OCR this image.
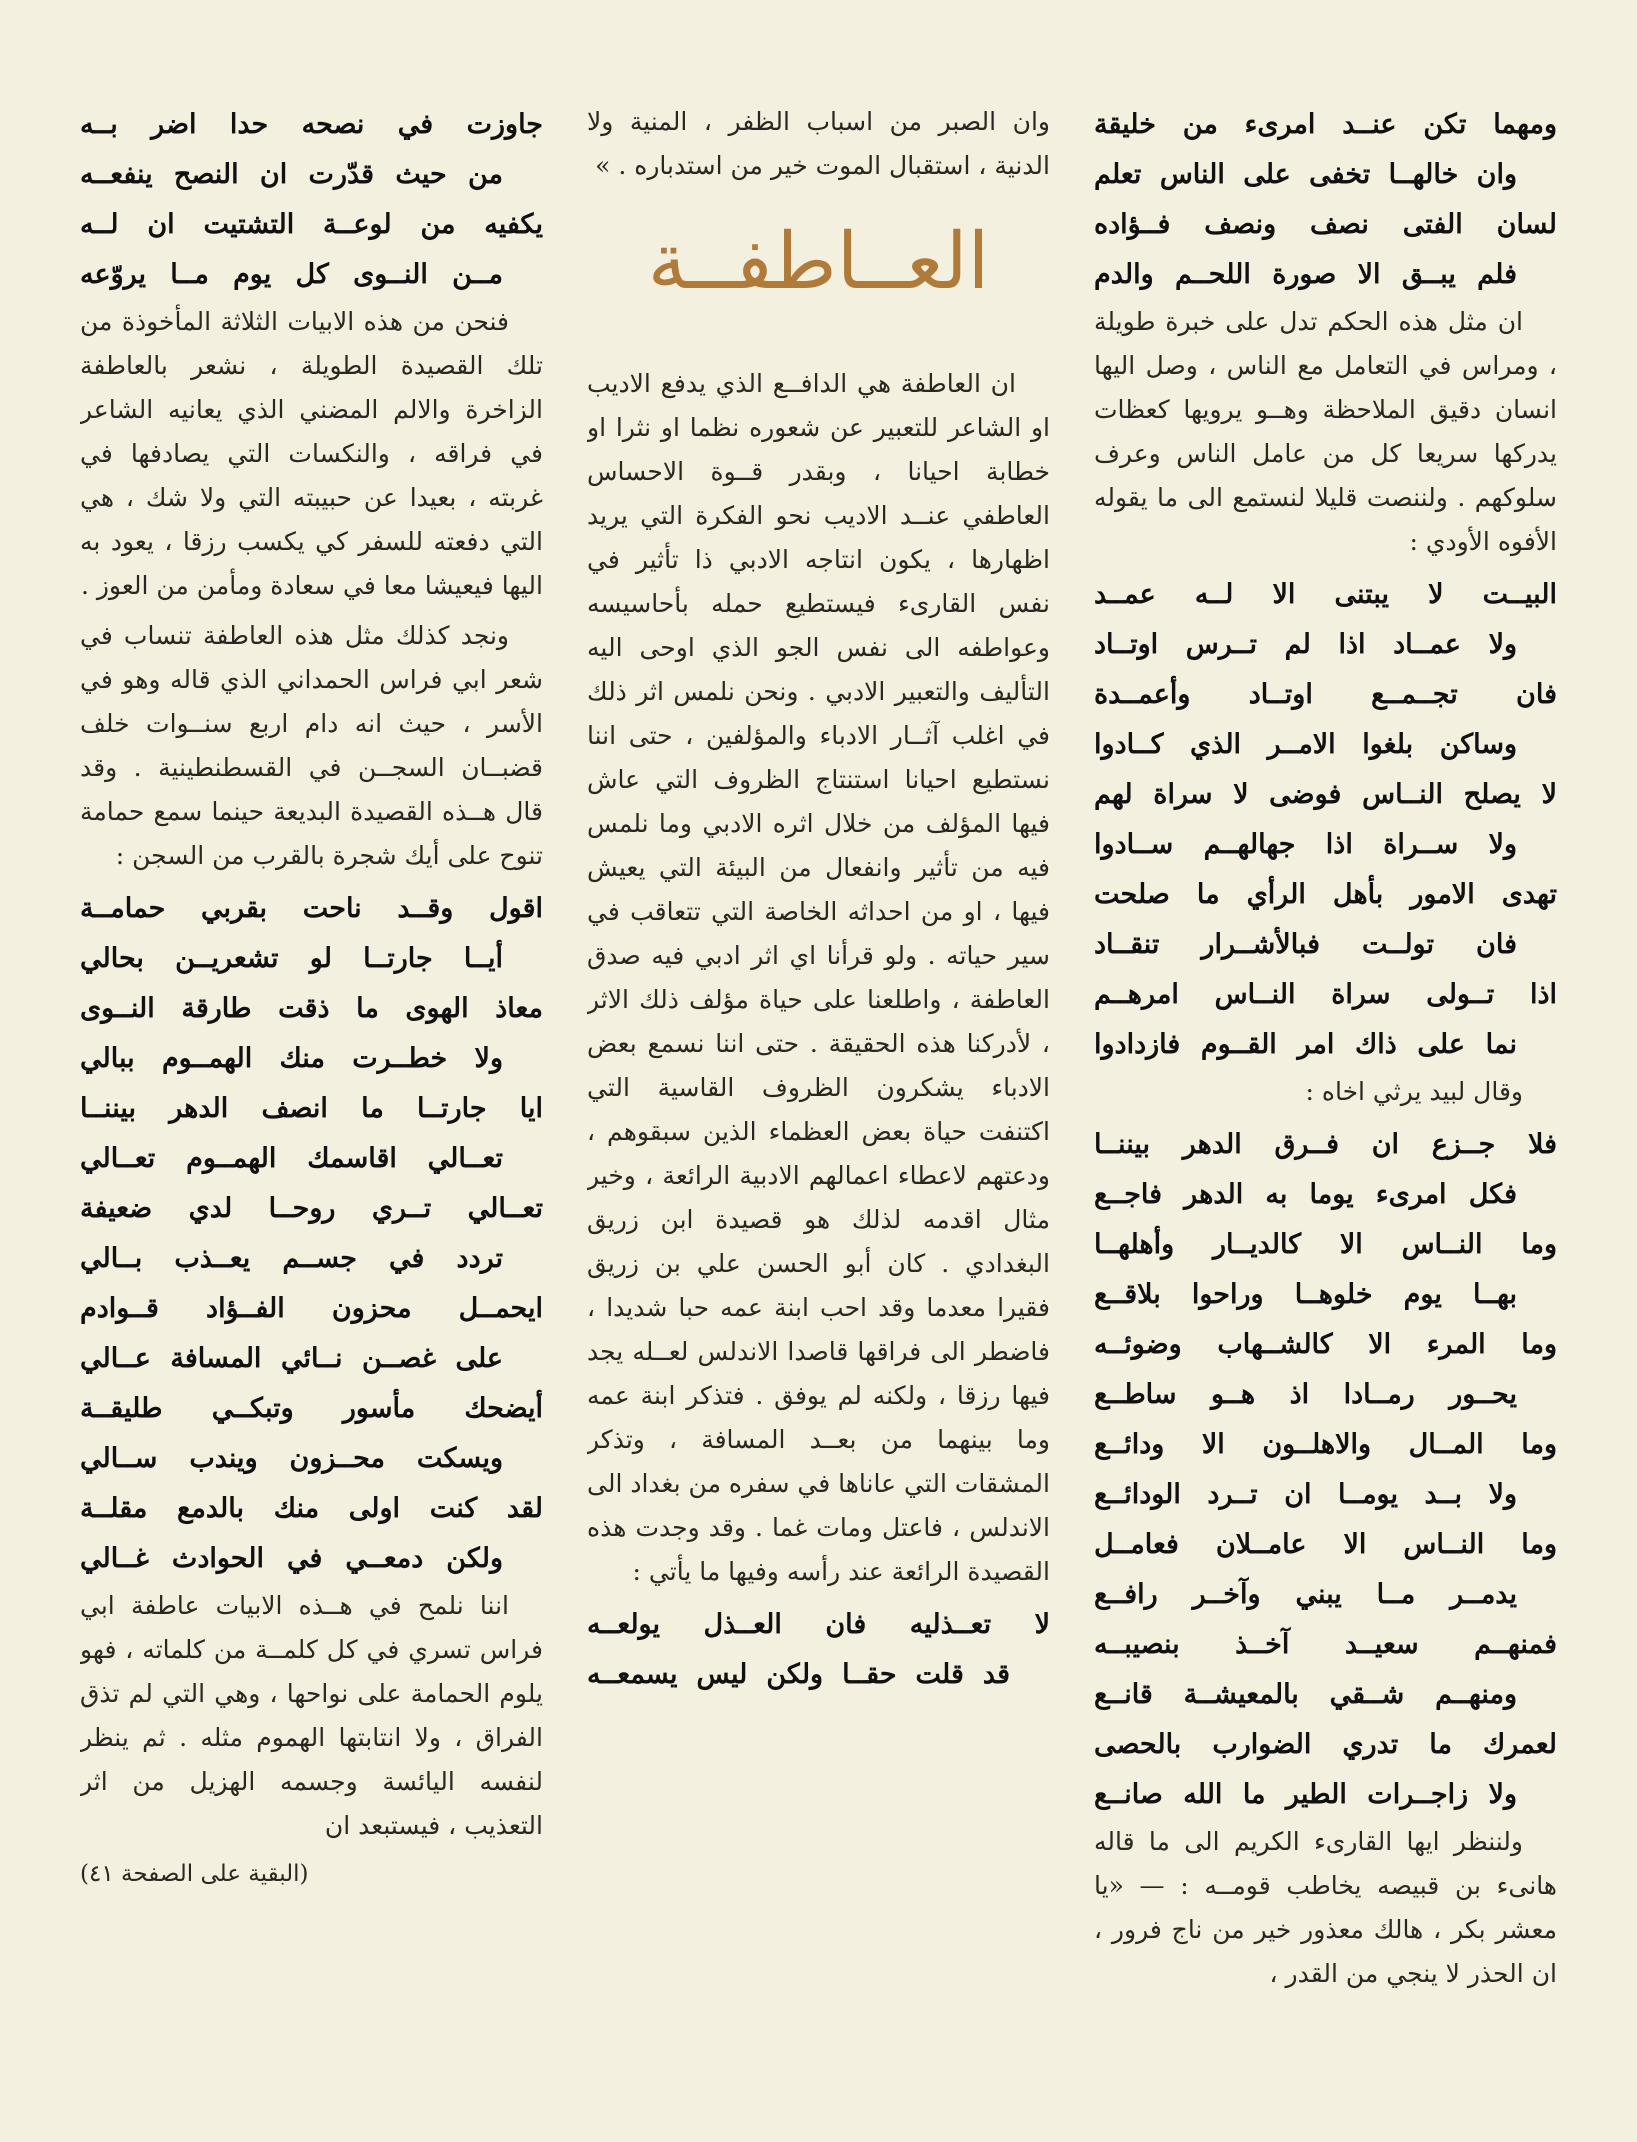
ومهما تكن عنــد امرىء من خليقة
وان خالهــا تخفى على الناس تعلم
لسان الفتى نصف ونصف فــؤاده
فلم يبــق الا صورة اللحــم والدم

ان مثل هذه الحكم تدل على خبرة طويلة ، ومراس في التعامل مع الناس ، وصل اليها انسان دقيق الملاحظة وهــو يرويها كعظات يدركها سريعا كل من عامل الناس وعرف سلوكهم . ولننصت قليلا لنستمع الى ما يقوله الأفوه الأودي :

البيــت لا يبتنى الا لــه عمــد
ولا عمــاد اذا لم تــرس اوتــاد
فان تجــمــع اوتــاد وأعمــدة
وساكن بلغوا الامــر الذي كــادوا
لا يصلح النــاس فوضى لا سراة لهم
ولا ســراة اذا جهالهــم ســادوا
تهدى الامور بأهل الرأي ما صلحت
فان تولــت فبالأشــرار تنقــاد
اذا تــولى سراة النــاس امرهــم
نما على ذاك امر القــوم فازدادوا

وقال لبيد يرثي اخاه :

فلا جــزع ان فــرق الدهر بيننــا
فكل امرىء يوما به الدهر فاجــع
وما النــاس الا كالديــار وأهلهــا
بهــا يوم خلوهــا وراحوا بلاقــع
وما المرء الا كالشــهاب وضوئــه
يحــور رمــادا اذ هــو ساطــع
وما المــال والاهلــون الا ودائــع
ولا بــد يومــا ان تــرد الودائــع
وما النــاس الا عامــلان فعامــل
يدمــر مــا يبني وآخــر رافــع
فمنهــم سعيــد آخــذ بنصيبــه
ومنهــم شــقي بالمعيشــة قانــع
لعمرك ما تدري الضوارب بالحصى
ولا زاجــرات الطير ما الله صانــع

ولننظر ايها القارىء الكريم الى ما قاله هانىء بن قبيصه يخاطب قومــه : — «يا معشر بكر ، هالك معذور خير من ناج فرور ، ان الحذر لا ينجي من القدر ،

وان الصبر من اسباب الظفر ، المنية ولا الدنية ، استقبال الموت خير من استدباره . »

العــاطفــة

ان العاطفة هي الدافــع الذي يدفع الاديب او الشاعر للتعبير عن شعوره نظما او نثرا او خطابة احيانا ، وبقدر قــوة الاحساس العاطفي عنــد الاديب نحو الفكرة التي يريد اظهارها ، يكون انتاجه الادبي ذا تأثير في نفس القارىء فيستطيع حمله بأحاسيسه وعواطفه الى نفس الجو الذي اوحى اليه التأليف والتعبير الادبي . ونحن نلمس اثر ذلك في اغلب آثــار الادباء والمؤلفين ، حتى اننا نستطيع احيانا استنتاج الظروف التي عاش فيها المؤلف من خلال اثره الادبي وما نلمس فيه من تأثير وانفعال من البيئة التي يعيش فيها ، او من احداثه الخاصة التي تتعاقب في سير حياته . ولو قرأنا اي اثر ادبي فيه صدق العاطفة ، واطلعنا على حياة مؤلف ذلك الاثر ، لأدركنا هذه الحقيقة . حتى اننا نسمع بعض الادباء يشكرون الظروف القاسية التي اكتنفت حياة بعض العظماء الذين سبقوهم ، ودعتهم لاعطاء اعمالهم الادبية الرائعة ، وخير مثال اقدمه لذلك هو قصيدة ابن زريق البغدادي . كان أبو الحسن علي بن زريق فقيرا معدما وقد احب ابنة عمه حبا شديدا ، فاضطر الى فراقها قاصدا الاندلس لعــله يجد فيها رزقا ، ولكنه لم يوفق . فتذكر ابنة عمه وما بينهما من بعــد المسافة ، وتذكر المشقات التي عاناها في سفره من بغداد الى الاندلس ، فاعتل ومات غما . وقد وجدت هذه القصيدة الرائعة عند رأسه وفيها ما يأتي :

لا تعــذليه فان العــذل يولعــه
قد قلت حقــا ولكن ليس يسمعــه
جاوزت في نصحه حدا اضر بــه
من حيث قدّرت ان النصح ينفعــه
يكفيه من لوعــة التشتيت ان لــه
مــن النــوى كل يوم مــا يروّعه

فنحن من هذه الابيات الثلاثة المأخوذة من تلك القصيدة الطويلة ، نشعر بالعاطفة الزاخرة والالم المضني الذي يعانيه الشاعر في فراقه ، والنكسات التي يصادفها في غربته ، بعيدا عن حبيبته التي ولا شك ، هي التي دفعته للسفر كي يكسب رزقا ، يعود به اليها فيعيشا معا في سعادة ومأمن من العوز .

ونجد كذلك مثل هذه العاطفة تنساب في شعر ابي فراس الحمداني الذي قاله وهو في الأسر ، حيث انه دام اربع سنــوات خلف قضبــان السجــن في القسطنطينية . وقد قال هــذه القصيدة البديعة حينما سمع حمامة تنوح على أيك شجرة بالقرب من السجن :

اقول وقــد ناحت بقربي حمامــة
أيــا جارتــا لو تشعريــن بحالي
معاذ الهوى ما ذقت طارقة النــوى
ولا خطــرت منك الهمــوم ببالي
ايا جارتــا ما انصف الدهر بيننــا
تعــالي اقاسمك الهمــوم تعــالي
تعــالي تــري روحــا لدي ضعيفة
تردد في جســم يعــذب بــالي
ايحمــل محزون الفــؤاد قــوادم
على غصــن نــائي المسافة عــالي
أيضحك مأسور وتبكــي طليقــة
ويسكت محــزون ويندب ســالي
لقد كنت اولى منك بالدمع مقلــة
ولكن دمعــي في الحوادث غــالي

اننا نلمح في هــذه الابيات عاطفة ابي فراس تسري في كل كلمــة من كلماته ، فهو يلوم الحمامة على نواحها ، وهي التي لم تذق الفراق ، ولا انتابتها الهموم مثله . ثم ينظر لنفسه اليائسة وجسمه الهزيل من اثر التعذيب ، فيستبعد ان

(البقية على الصفحة ٤١)
